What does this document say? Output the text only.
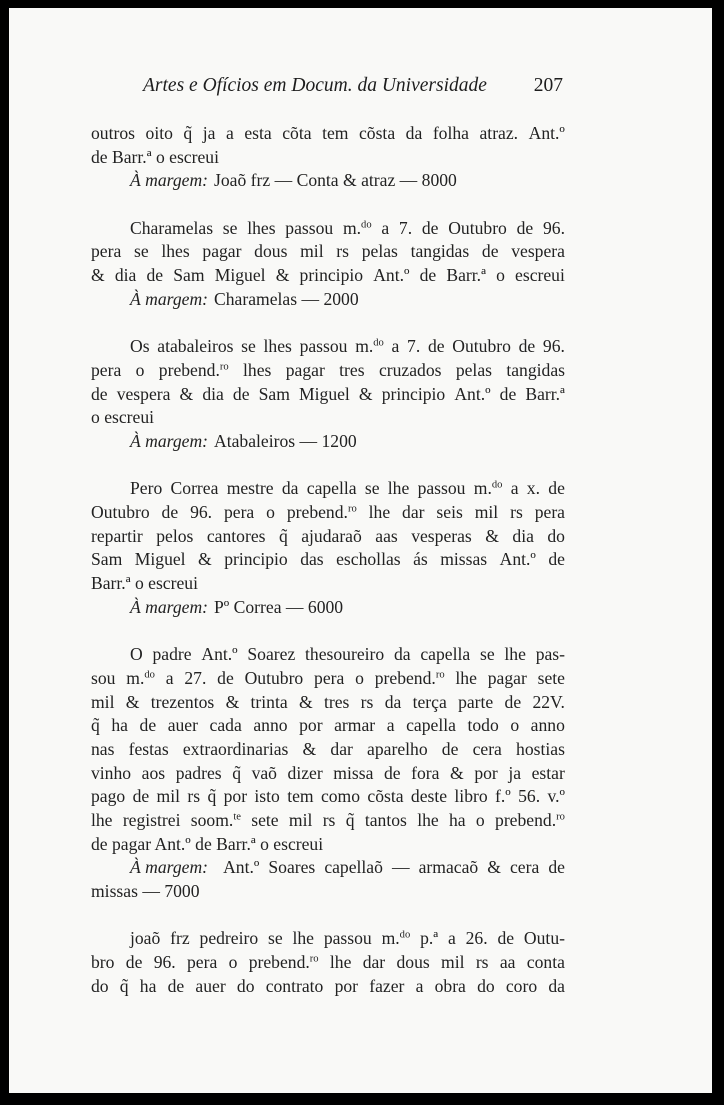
Artes e Ofícios em Docum. da Universidade 207
outros oito q̃ ja a esta cõta tem cõsta da folha atraz. Ant.º
de Barr.ª o escreui
À margem: Joaõ frz — Conta & atraz — 8000
Charamelas se lhes passou m.$^{do}$ a 7. de Outubro de 96.
pera se lhes pagar dous mil rs pelas tangidas de vespera
& dia de Sam Miguel & principio Ant.º de Barr.ª o escreui
À margem: Charamelas — 2000
Os atabaleiros se lhes passou m.$^{do}$ a 7. de Outubro de 96.
pera o prebend.$^{ro}$ lhes pagar tres cruzados pelas tangidas
de vespera & dia de Sam Miguel & principio Ant.º de Barr.ª
o escreui
À margem: Atabaleiros — 1200
Pero Correa mestre da capella se lhe passou m.$^{do}$ a x. de
Outubro de 96. pera o prebend.$^{ro}$ lhe dar seis mil rs pera
repartir pelos cantores q̃ ajudaraõ aas vesperas & dia do
Sam Miguel & principio das eschollas ás missas Ant.º de
Barr.ª o escreui
À margem: Pº Correa — 6000
O padre Ant.º Soarez thesoureiro da capella se lhe pas-
sou m.$^{do}$ a 27. de Outubro pera o prebend.$^{ro}$ lhe pagar sete
mil & trezentos & trinta & tres rs da terça parte de 22V.
q̃ ha de auer cada anno por armar a capella todo o anno
nas festas extraordinarias & dar aparelho de cera hostias
vinho aos padres q̃ vaõ dizer missa de fora & por ja estar
pago de mil rs q̃ por isto tem como cõsta deste libro f.º 56. v.º
lhe registrei soom.$^{te}$ sete mil rs q̃ tantos lhe ha o prebend.$^{ro}$
de pagar Ant.º de Barr.ª o escreui
À margem: Ant.º Soares capellaõ — armacaõ & cera de
missas — 7000
joaõ frz pedreiro se lhe passou m.$^{do}$ p.ª a 26. de Outu-
bro de 96. pera o prebend.$^{ro}$ lhe dar dous mil rs aa conta
do q̃ ha de auer do contrato por fazer a obra do coro da
